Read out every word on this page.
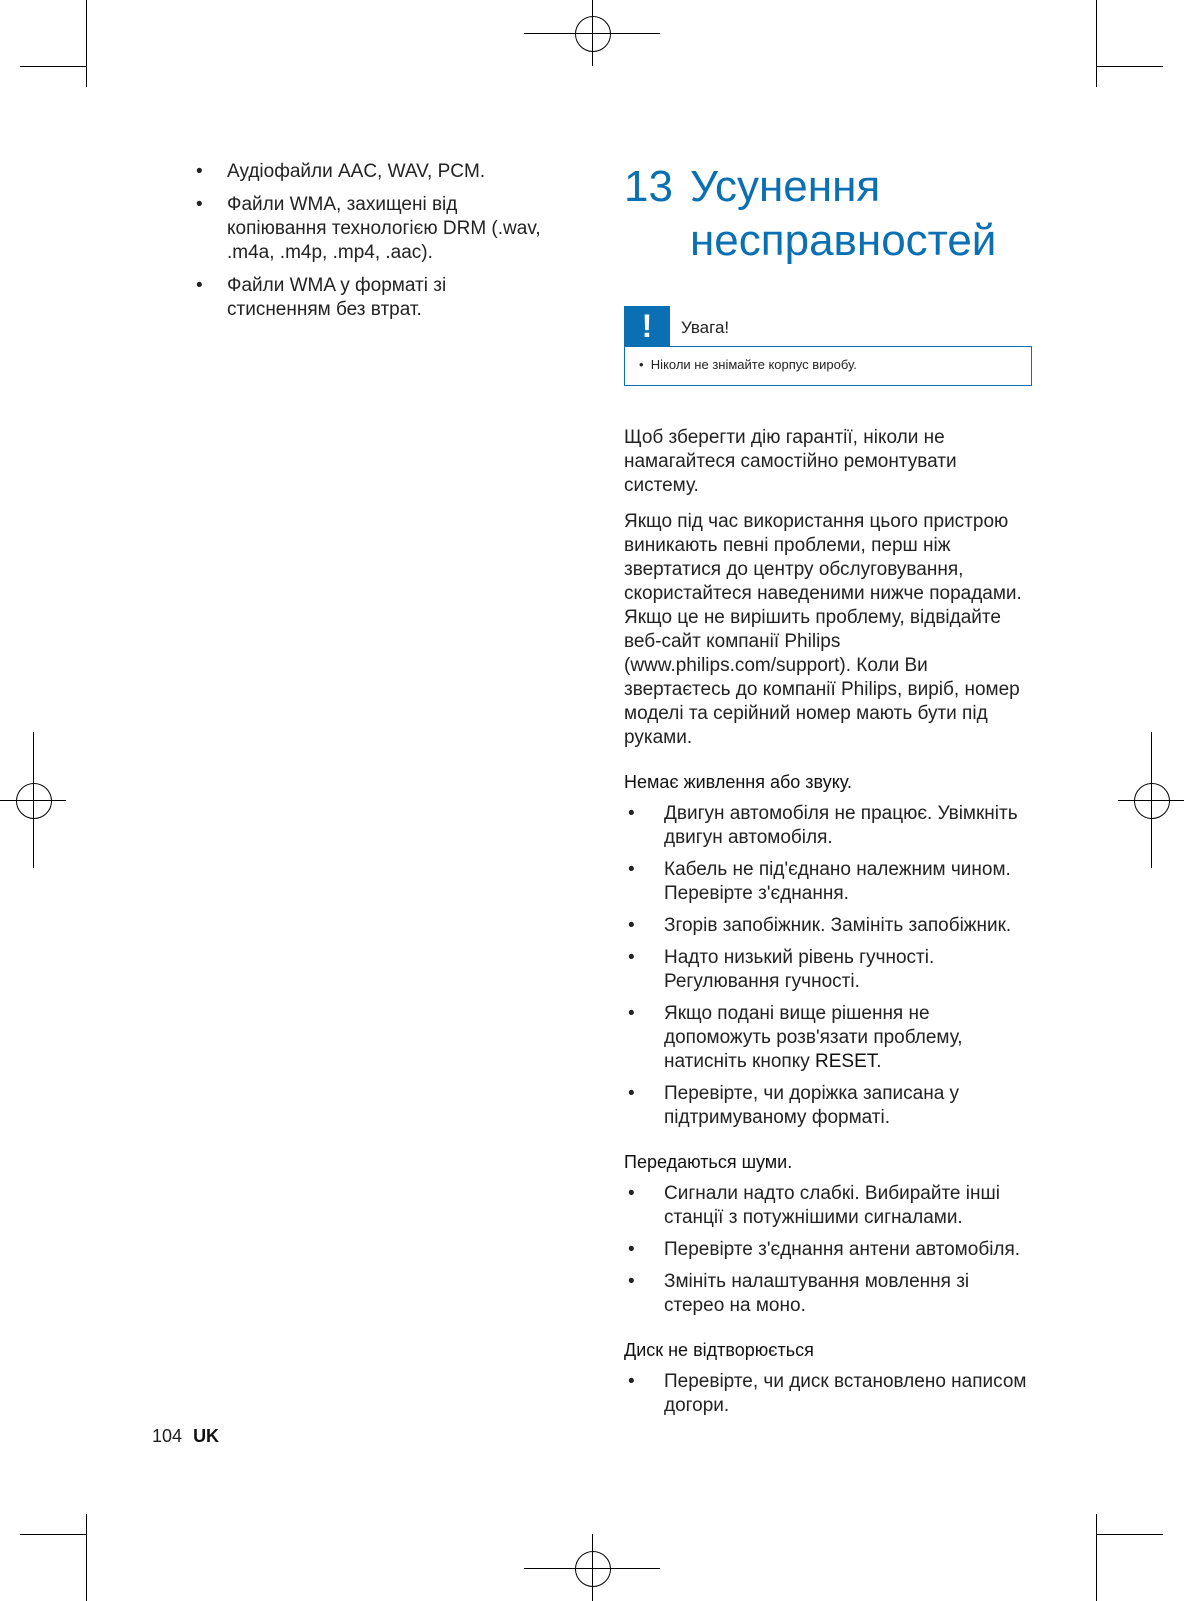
• Аудіофайли AAC, WAV, PCM.
• Файли WMA, захищені від копіювання технологією DRM (.wav, .m4a, .m4p, .mp4, .aac).
• Файли WMA у форматі зі стисненням без втрат.
13 Усунення
несправностей
!	Увага!
• Ніколи не знімайте корпус виробу.

Щоб зберегти дію гарантії, ніколи не намагайтеся самостійно ремонтувати систему.

Якщо під час використання цього пристрою виникають певні проблеми, перш ніж звертатися до центру обслуговування, скористайтеся наведеними нижче порадами. Якщо це не вирішить проблему, відвідайте веб-сайт компанії Philips (www.philips.com/support). Коли Ви звертаєтесь до компанії Philips, виріб, номер моделі та серійний номер мають бути під руками.

Немає живлення або звуку.
• Двигун автомобіля не працює. Увімкніть двигун автомобіля.
• Кабель не під'єднано належним чином. Перевірте з'єднання.
• Згорів запобіжник. Замініть запобіжник.
• Надто низький рівень гучності. Регулювання гучності.
• Якщо подані вище рішення не допоможуть розв'язати проблему, натисніть кнопку RESET.
• Перевірте, чи доріжка записана у підтримуваному форматі.
Передаються шуми.
• Сигнали надто слабкі. Вибирайте інші станції з потужнішими сигналами.
• Перевірте з'єднання антени автомобіля.
• Змініть налаштування мовлення зі стерео на моно.
Диск не відтворюється
• Перевірте, чи диск встановлено написом догори.
104 UK
